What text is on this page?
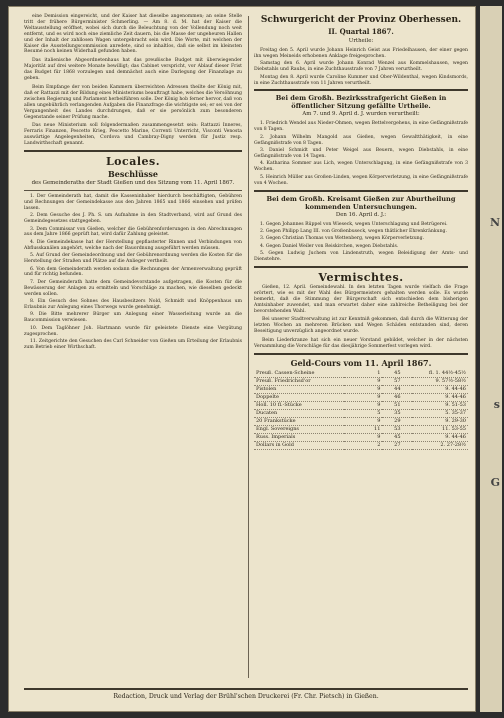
eine Demission eingereicht, und der Kaiser hat dieselbe angenommen; an seine Stelle tritt der frühere Bürgerminister Schmerling. — Am 8. d. M. hat der Kaiser die Weltausstellung eröffnet, wobei sich durch die Beleuchtung von der Vollendung noch weit entfernt, und es wird noch eine ziemliche Zeit dauern, bis die Masse der ungeheuren Hallen und der Inhalt der zahllosen Wagen untergebracht sein wird. Die Worte, mit welchen der Kaiser die Ausstellungscommission anredete, sind so inhaltlos, daß sie selbst im kleinsten Resumé noch keinen Widerhall gefunden haben.

Das italienische Abgeordnetenhaus hat das preußische Budget mit überwiegender Majorität auf drei weitere Monate bewilligt; das Cabinet verspricht, vor Ablauf dieser Frist das Budget für 1868 vorzulegen und demnächst auch eine Darlegung der Finanzlage zu geben.

Beim Empfange der von beiden Kammern überreichten Adressen theilte der König mit, daß er Rattazzi mit der Bildung eines Ministeriums beauftragt habe, welches die Versöhnung zwischen Regierung und Parlament herbeiführen solle. Der König hob ferner hervor, daß von allen ungebührlich verlangenden Aufgaben die Finanzfrage die wichtigste sei; er sei von der Vergangenheit des Landes durchdrungen, daß er sie persönlich zum besonderen Gegenstande seiner Prüfung mache.

Das neue Ministerium soll folgendermaßen zusammengesetzt sein: Rattazzi Inneres, Ferraris Finanzen, Pescetto Krieg, Pescetto Marine, Correnti Unterricht, Visconti Venosta auswärtige Angelegenheiten, Cordova und Cambray-Digny werden für Justiz resp. Landwirthschaft genannt.

Locales.
Beschlüsse
des Gemeinderaths der Stadt Gießen und des Sitzung vom 11. April 1867.

1. Der Gemeinderath hat, damit die Kasseninhaber hierdurch beschäftigten, Gebühren und Rechnungen der Gemeindekasse aus den Jahren 1865 und 1866 einsehen und prüfen lassen.

2. Dem Gesuche des J. Ph. S. um Aufnahme in den Stadtverband, wird auf Grund des Gemeindegesetzes stattgegeben.

3. Dem Commissar von Gießen, welcher die Gebührenforderungen in den Abrechnungen aus dem Jahre 1866 geprüft hat, wird dafür Zahlung geleistet.

4. Die Gemeindekasse hat der Herstellung gepflasterter Rinnen und Verbindungen von Abflusskanälen angehört, welche nach der Bauordnung ausgeführt werden müssen.

5. Auf Grund der Gemeindeordnung und der Gebührenordnung werden die Kosten für die Herstellung der Straßen und Plätze auf die Anlieger vertheilt.

6. Von dem Gemeinderath werden sodann die Rechnungen der Armenverwaltung geprüft und für richtig befunden.

7. Der Gemeinderath hatte dem Gemeindevorstande aufgetragen, die Kosten für die Bewässerung der Anlagen zu ermitteln und Vorschläge zu machen, wie dieselben gedeckt werden sollen.

8. Ein Gesuch des Sohnes des Hausbesitzers Nold, Schmidt und Knöppenhaus um Erlaubnis zur Anlegung eines Thorwegs wurde genehmigt.

9. Die Bitte mehrerer Bürger um Anlegung einer Wasserleitung wurde an die Baucommission verwiesen.

10. Dem Taglöhner Joh. Hartmann wurde für geleistete Dienste eine Vergütung zugesprochen.

11. Zeitgerichte den Gesuchen des Carl Schneider von Gießen um Erteilung der Erlaubnis zum Betrieb einer Wirthschaft.

Schwurgericht der Provinz Oberhessen.
II. Quartal 1867.
Urtheile:

Freitag den 5. April wurde Johann Heinrich Geist aus Friedelhausen, der einer gegen ihn wegen Meineids erhobenen Anklage freigesprochen.

Samstag den 6. April wurde Johann Konrad Wenzel aus Kommelshausen, wegen Diebstahls und Raubs, in eine Zuchthausstrafe von 7 Jahren verurtheilt.

Montag den 8. April wurde Caroline Kummer und Ober-Wildenthal, wegen Kindsmords, in eine Zuchthausstrafe von 11 Jahren verurtheilt.

Bei dem Großh. Bezirksstrafgericht Gießen in öffentlicher Sitzung gefällte Urtheile.
Am 7. und 9. April d. J. wurden verurtheilt:

1. Friedrich Wendel aus Nieder-Ohmen, wegen Bettelvergehens, in eine Gefängnißstrafe von 8 Tagen.

2. Johann Wilhelm Mangold aus Gießen, wegen Gewaltthätigkeit, in eine Gefängnißstrafe von 8 Tagen.

3. Daniel Schmidt und Peter Weigel aus Beuern, wegen Diebstahls, in eine Gefängnißstrafe von 14 Tagen.

4. Katharina Sommer aus Lich, wegen Unterschlagung, in eine Gefängnißstrafe von 3 Wochen.

5. Heinrich Müller aus Großen-Linden, wegen Körperverletzung, in eine Gefängnißstrafe von 4 Wochen.

Bei dem Großh. Kreisamt Gießen zur Aburtheilung kommenden Untersuchungen.
Den 16. April d. J.:

1. Gegen Johannes Rüppel von Wieseck, wegen Unterschlagung und Betrügerei.

2. Gegen Philipp Lang III. von Großenbuseck, wegen thätlicher Ehrenkränkung.

3. Gegen Christian Thomas von Wettenberg, wegen Körperverletzung.

4. Gegen Daniel Weiler von Reiskirchen, wegen Diebstahls.

5. Gegen Ludwig Juchem von Lindenstruth, wegen Beleidigung der Amts- und Dienstehre.

Vermischtes.

Gießen, 12. April. Gemeindewahl. In den letzten Tagen wurde vielfach die Frage erörtert, wie es mit der Wahl des Bürgermeisters gehalten werden solle. Es wurde bemerkt, daß die Stimmung der Bürgerschaft sich entschieden dem bisherigen Amtsinhaber zuwendet, und man erwartet daher eine zahlreiche Betheiligung bei der bevorstehenden Wahl.

Bei unserer Stadtverwaltung ist zur Kenntniß gekommen, daß durch die Witterung der letzten Wochen an mehreren Brücken und Wegen Schäden entstanden sind, deren Beseitigung unverzüglich angeordnet wurde.

Beim Liederkranze hat sich ein neuer Vorstand gebildet, welcher in der nächsten Versammlung die Vorschläge für das diesjährige Sommerfest vorlegen wird.

Geld-Cours vom 11. April 1867.
Preuß. Cassen-Scheine	1	45	fl. 1. 44½-45½
Preuß. Friedrichsd'or	9	57	9. 57½-58½
Pistolen	9	44	9. 44-46
Doppelte	9	46	9. 44-46
Holl. 10 fl.-Stücke	9	51	9. 51-53
Ducaten	5	35	5. 35-37
20 Frankstücke	9	29	9. 29-30
Engl. Sovereigns	11	53	11. 53-55
Russ. Imperials	9	45	9. 44-46
Dollars in Gold	2	27	2. 27-28½
Redaction, Druck und Verlag der Brühl'schen Druckerei (Fr. Chr. Pietsch) in Gießen.
N
s
G
